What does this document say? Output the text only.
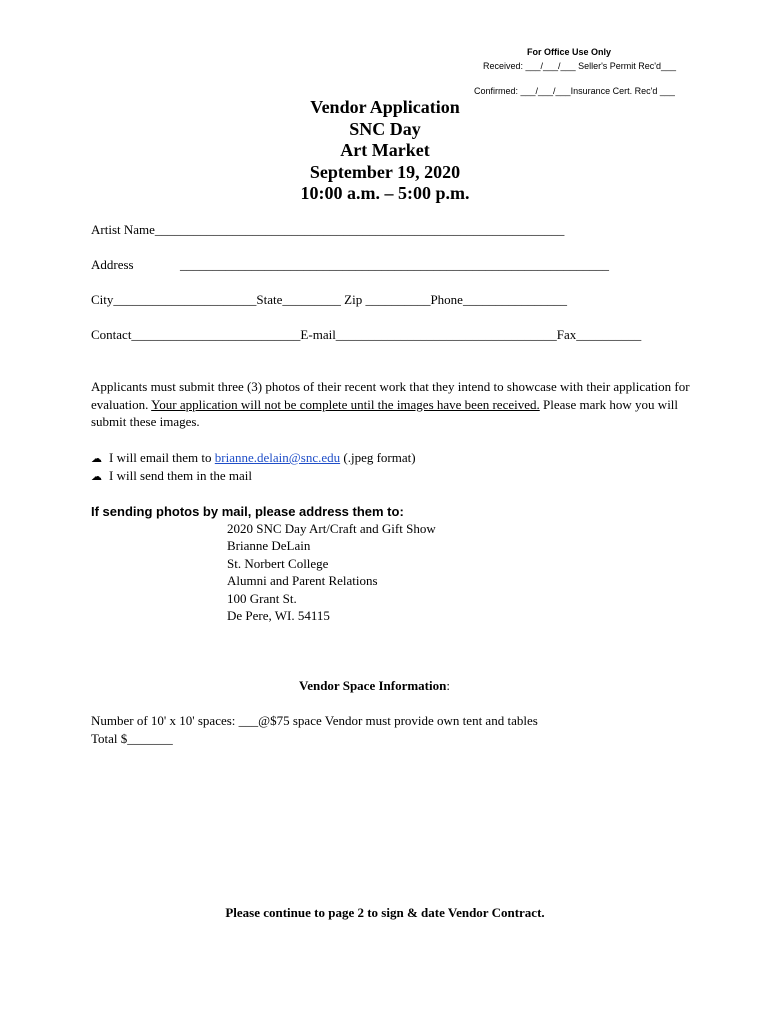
For Office Use Only
Received: ___/___/___ Seller's Permit Rec'd___
Confirmed: ___/___/___Insurance Cert. Rec'd ___
Vendor Application
SNC Day
Art Market
September 19, 2020
10:00 a.m. – 5:00 p.m.
Artist Name_______________________________________________________________
Address	__________________________________________________________________
City______________________State_________ Zip __________Phone________________
Contact__________________________E-mail__________________________________Fax__________
Applicants must submit three (3) photos of their recent work that they intend to showcase with their application for evaluation. Your application will not be complete until the images have been received. Please mark how you will submit these images.
☁ I will email them to brianne.delain@snc.edu (.jpeg format)
☁ I will send them in the mail
If sending photos by mail, please address them to:
2020 SNC Day Art/Craft and Gift Show
Brianne DeLain
St. Norbert College
Alumni and Parent Relations
100 Grant St.
De Pere, WI. 54115
Vendor Space Information:
Number of 10' x 10' spaces: ___@$75 space Vendor must provide own tent and tables
Total $_______
Please continue to page 2 to sign & date Vendor Contract.
